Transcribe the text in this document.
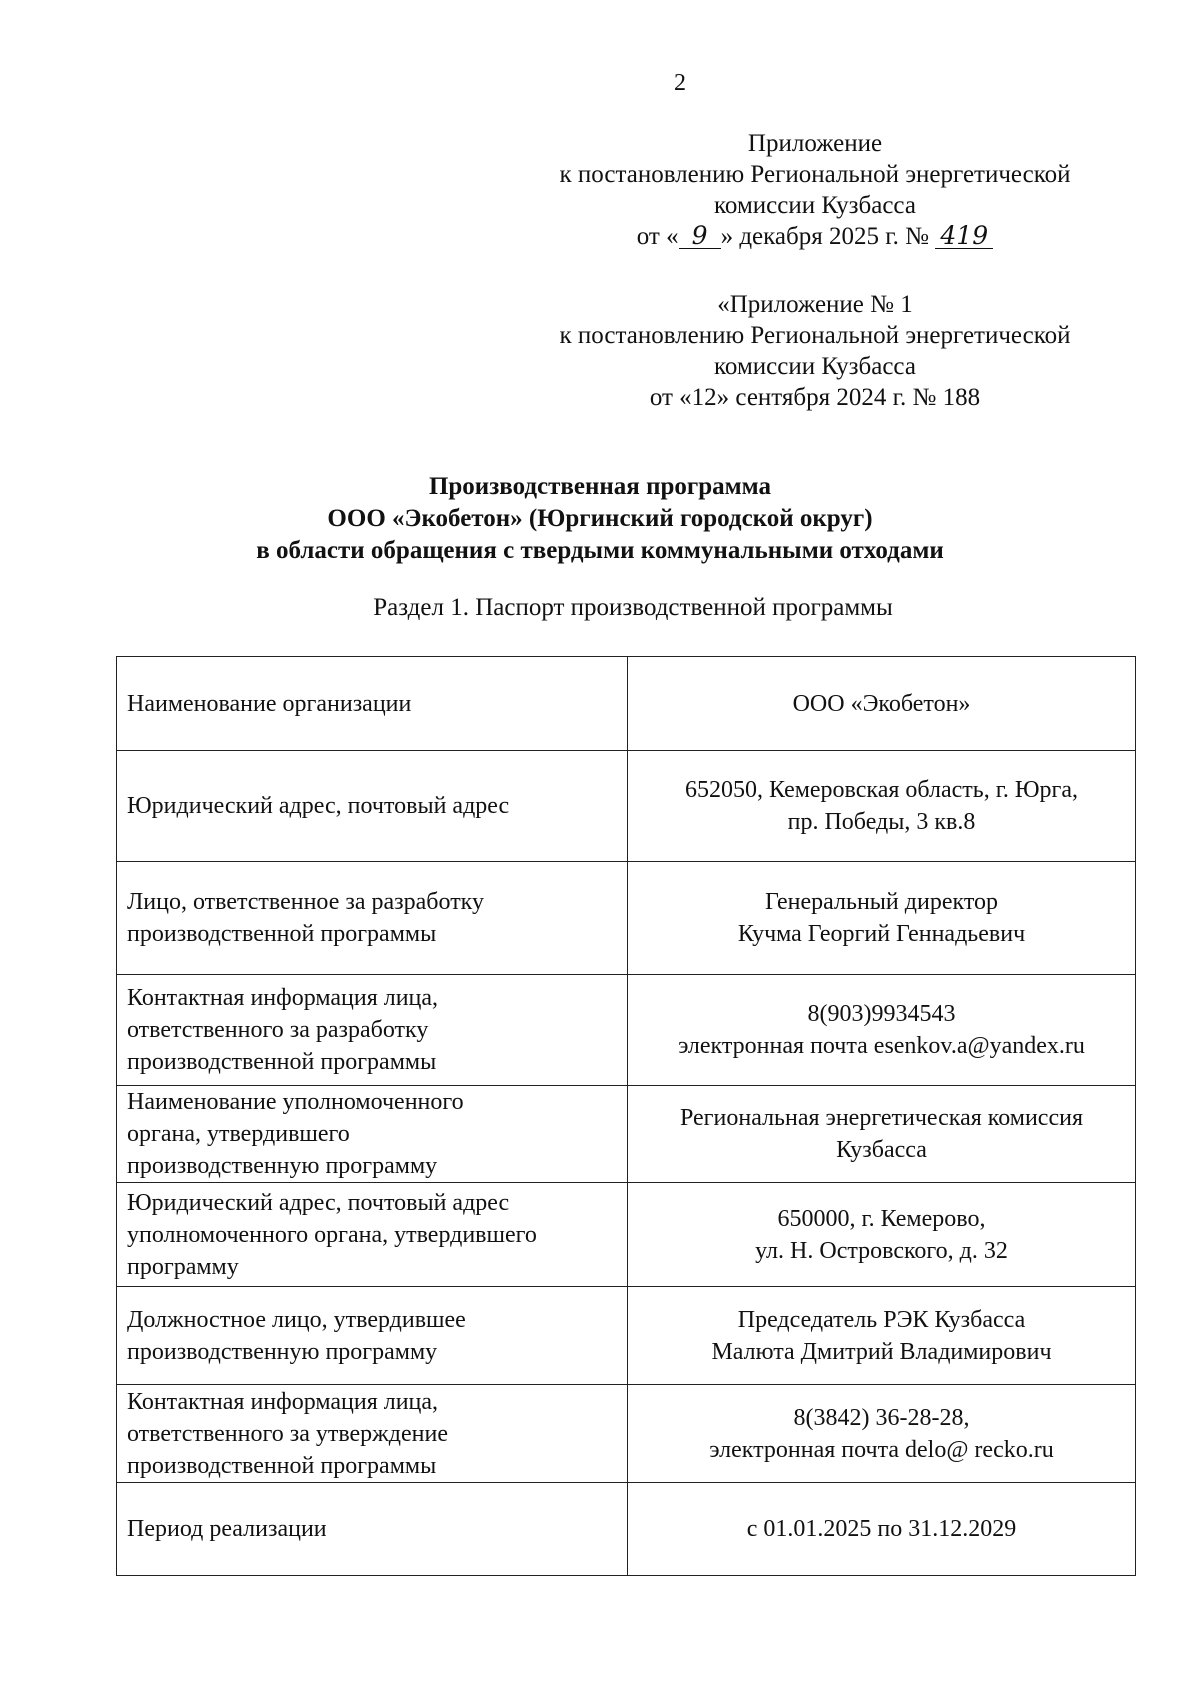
2
Приложение
к постановлению Региональной энергетической
комиссии Кузбасса
от « 9 » декабря 2025 г. № 419
«Приложение № 1
к постановлению Региональной энергетической
комиссии Кузбасса
от «12» сентября 2024 г. № 188
Производственная программа
ООО «Экобетон» (Юргинский городской округ)
в области обращения с твердыми коммунальными отходами
Раздел 1. Паспорт производственной программы
Наименование организации	ООО «Экобетон»

Юридический адрес, почтовый адрес	652050, Кемеровская область, г. Юрга,
пр. Победы, 3 кв.8

Лицо, ответственное за разработку
производственной программы	Генеральный директор
Кучма Георгий Геннадьевич

Контактная информация лица,
ответственного за разработку
производственной программы	8(903)9934543
электронная почта esenkov.a@yandex.ru

Наименование уполномоченного
органа, утвердившего
производственную программу	Региональная энергетическая комиссия
Кузбасса

Юридический адрес, почтовый адрес
уполномоченного органа, утвердившего
программу	650000, г. Кемерово,
ул. Н. Островского, д. 32

Должностное лицо, утвердившее
производственную программу	Председатель РЭК Кузбасса
Малюта Дмитрий Владимирович

Контактная информация лица,
ответственного за утверждение
производственной программы	8(3842) 36-28-28,
электронная почта delo@ recko.ru

Период реализации	с 01.01.2025 по 31.12.2029
